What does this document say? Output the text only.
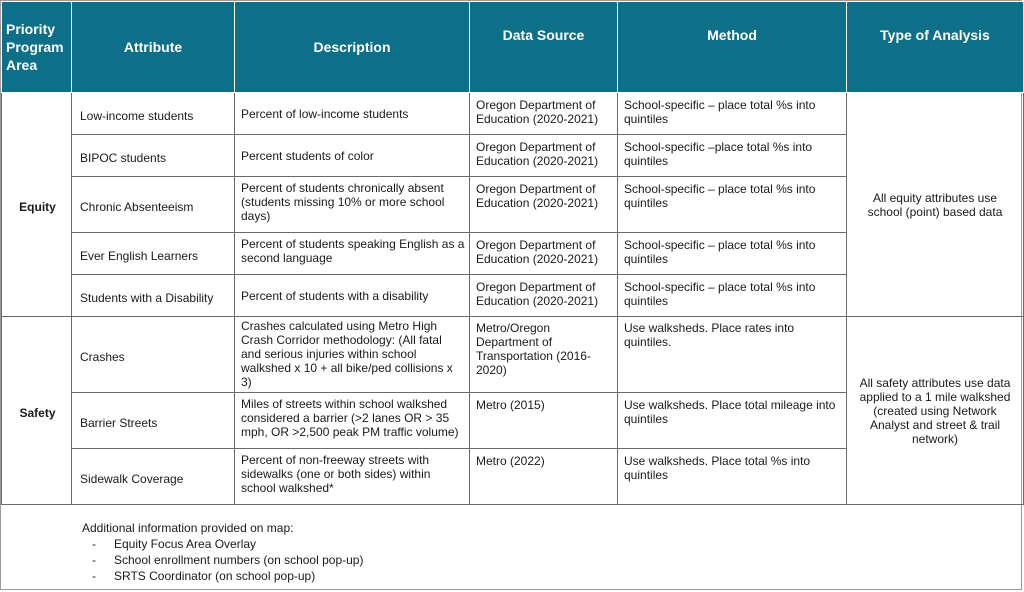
Priority Program Area	Attribute	Description	Data Source	Method	Type of Analysis
Equity	Low-income students	Percent of low-income students	Oregon Department of Education (2020-2021)	School-specific – place total %s into quintiles	All equity attributes use school (point) based data
	BIPOC students	Percent students of color	Oregon Department of Education (2020-2021)	School-specific –place total %s into quintiles	
	Chronic Absenteeism	Percent of students chronically absent (students missing 10% or more school days)	Oregon Department of Education (2020-2021)	School-specific – place total %s into quintiles	
	Ever English Learners	Percent of students speaking English as a second language	Oregon Department of Education (2020-2021)	School-specific – place total %s into quintiles	
	Students with a Disability	Percent of students with a disability	Oregon Department of Education (2020-2021)	School-specific – place total %s into quintiles	
Safety	Crashes	Crashes calculated using Metro High Crash Corridor methodology: (All fatal and serious injuries within school walkshed x 10 + all bike/ped collisions x 3)	Metro/Oregon Department of Transportation (2016-2020)	Use walksheds. Place rates into quintiles.	All safety attributes use data applied to a 1 mile walkshed (created using Network Analyst and street & trail network)
	Barrier Streets	Miles of streets within school walkshed considered a barrier (>2 lanes OR > 35 mph, OR >2,500 peak PM traffic volume)	Metro (2015)	Use walksheds. Place total mileage into quintiles	
	Sidewalk Coverage	Percent of non-freeway streets with sidewalks (one or both sides) within school walkshed*	Metro (2022)	Use walksheds. Place total %s into quintiles	
Additional information provided on map:
- Equity Focus Area Overlay
- School enrollment numbers (on school pop-up)
- SRTS Coordinator (on school pop-up)
